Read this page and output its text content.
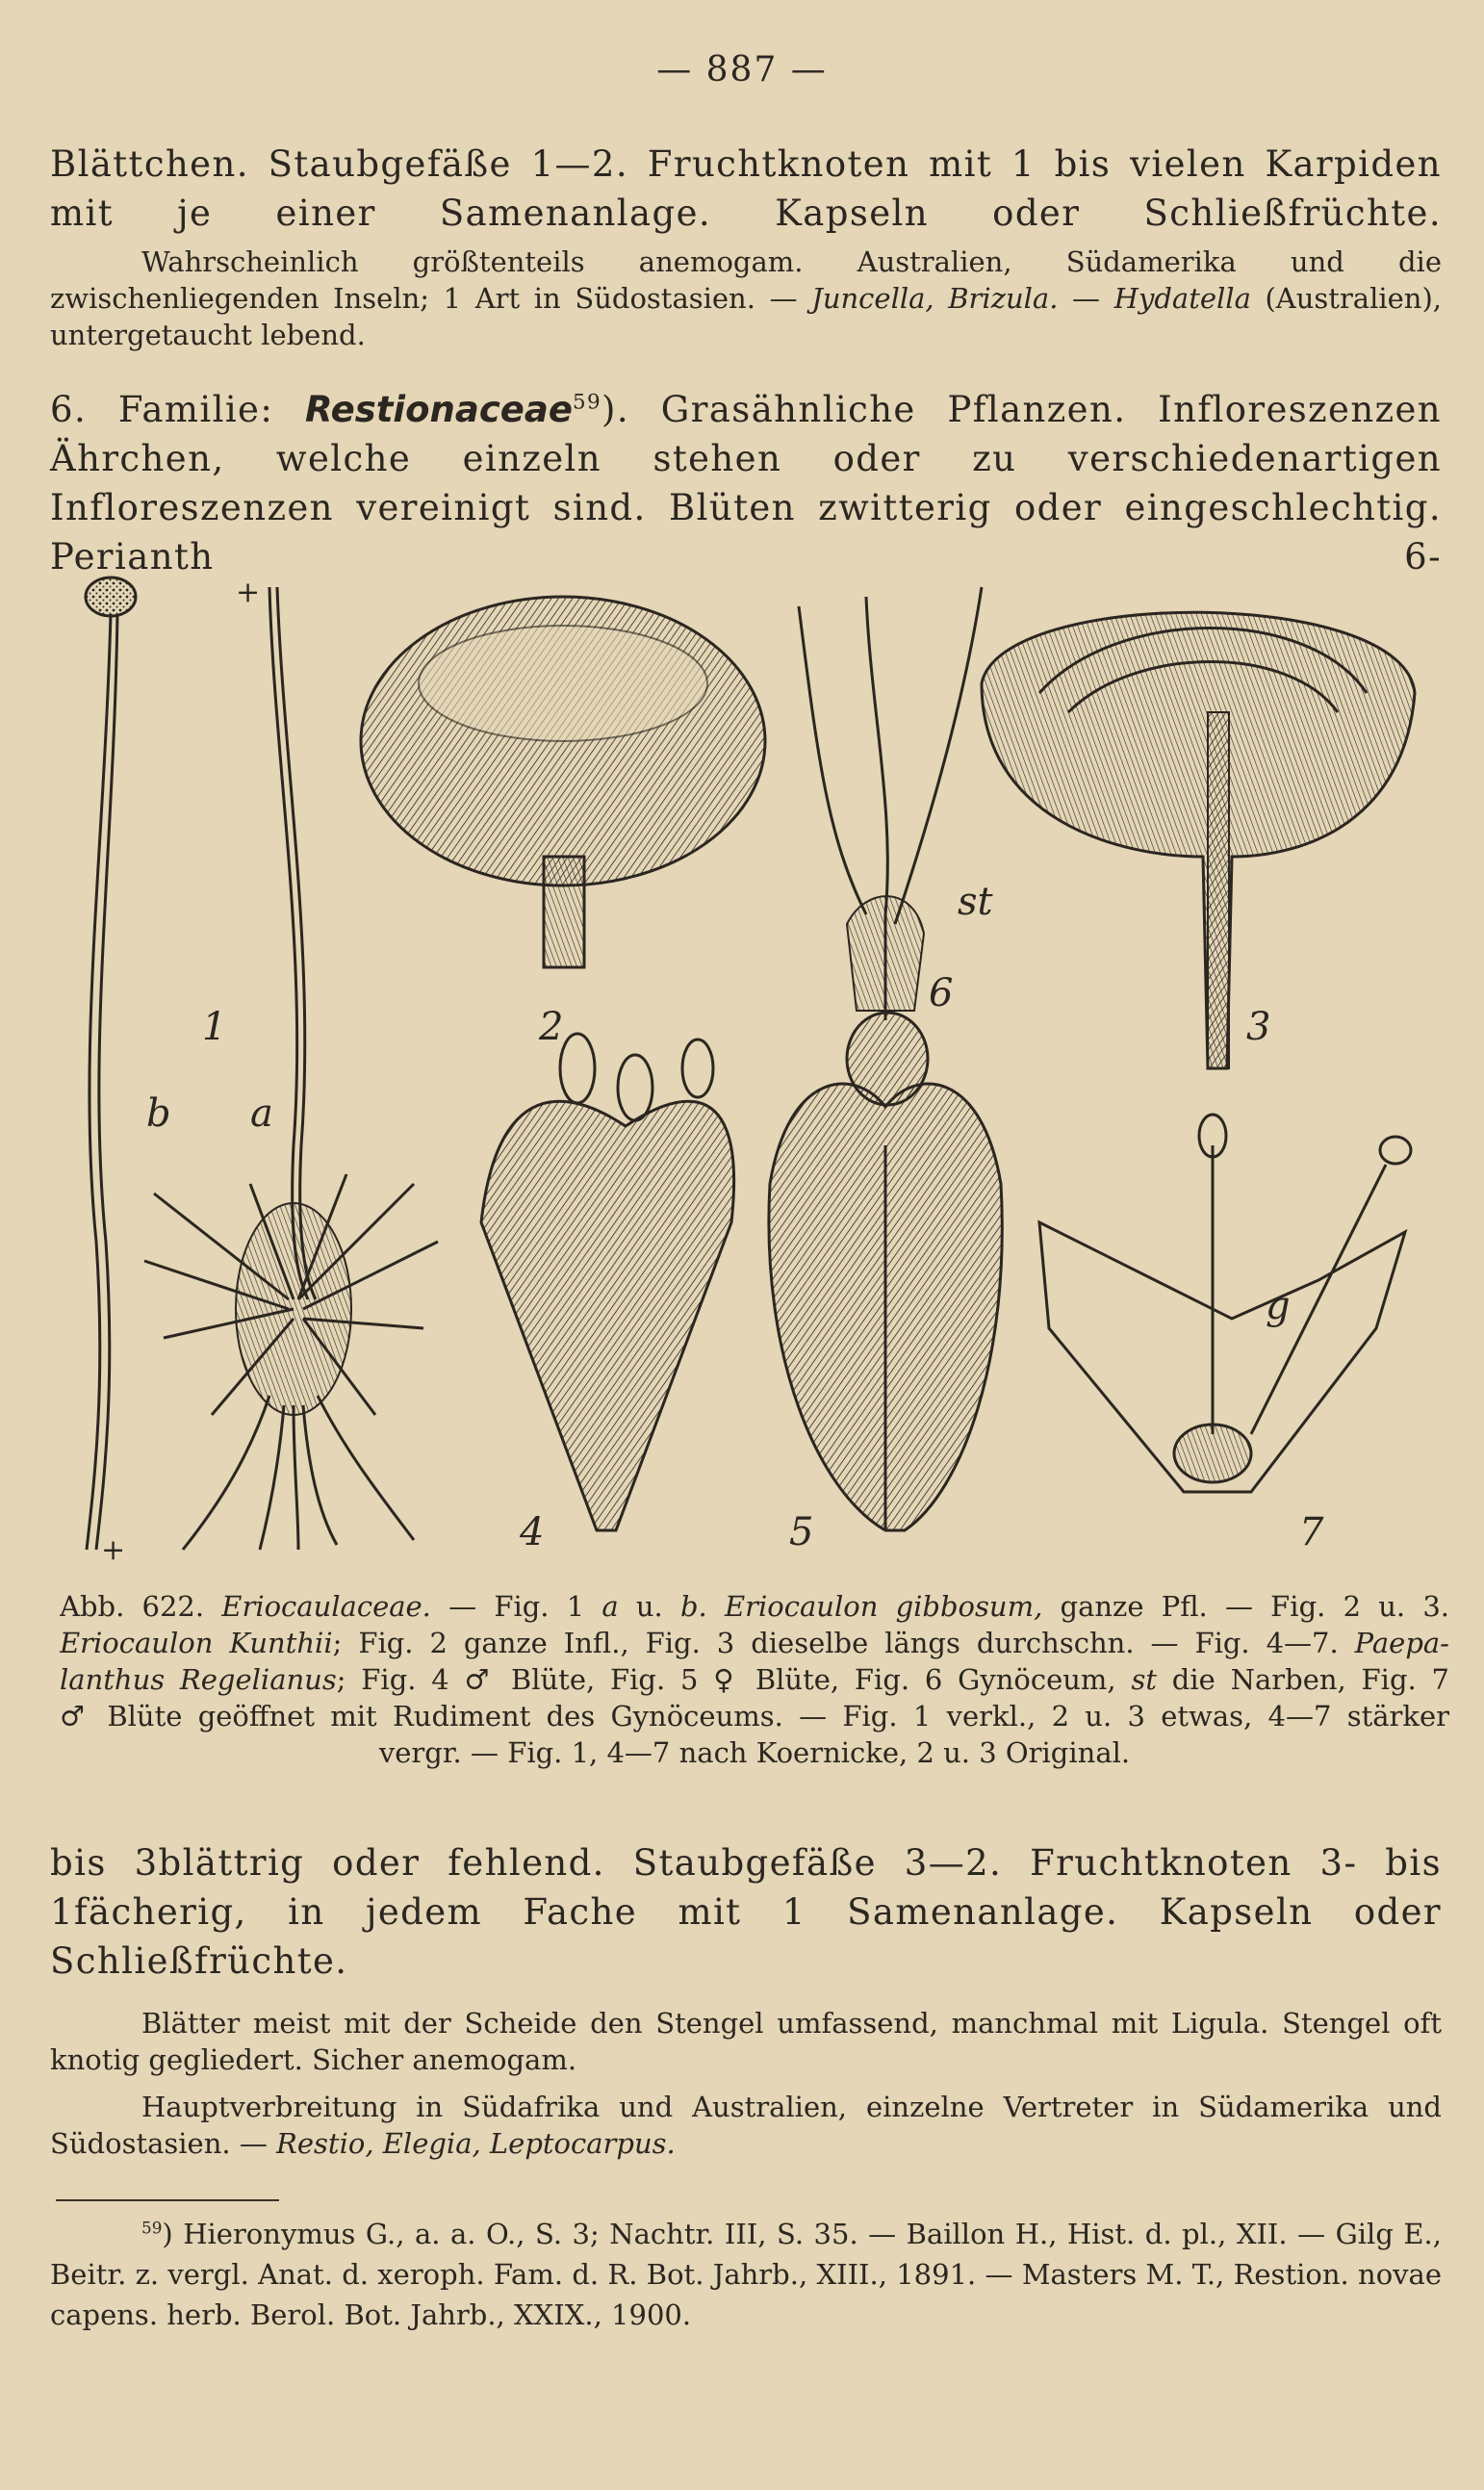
— 887 —
Blättchen. Staubgefäße 1—2. Fruchtknoten mit 1 bis vielen Karpiden mit je einer Samenanlage. Kapseln oder Schließfrüchte.
Wahrscheinlich größtenteils anemogam. Australien, Südamerika und die zwischenliegenden Inseln; 1 Art in Südostasien. — Juncella, Brizula. — Hydatella (Australien), untergetaucht lebend.
6. Familie: Restionaceae$^{59}$). Grasähnliche Pflanzen. Infloreszenzen Ährchen, welche einzeln stehen oder zu verschiedenartigen Infloreszenzen vereinigt sind. Blüten zwitterig oder eingeschlechtig. Perianth 6-
1	2	3
4	5
6
7
a
b
g
st
+
+
Abb. 622. Eriocaulaceae. — Fig. 1 a u. b. Eriocaulon gibbosum, ganze Pfl. — Fig. 2 u. 3.
Eriocaulon Kunthii; Fig. 2 ganze Infl., Fig. 3 dieselbe längs durchschn. — Fig. 4—7. Paepa-
lanthus Regelianus; Fig. 4 ♂ Blüte, Fig. 5 ♀ Blüte, Fig. 6 Gynöceum, st die Narben, Fig. 7
♂ Blüte geöffnet mit Rudiment des Gynöceums. — Fig. 1 verkl., 2 u. 3 etwas, 4—7 stärker
vergr. — Fig. 1, 4—7 nach Koernicke, 2 u. 3 Original.
bis 3blättrig oder fehlend. Staubgefäße 3—2. Fruchtknoten 3- bis 1fächerig, in jedem Fache mit 1 Samenanlage. Kapseln oder Schließfrüchte.
Blätter meist mit der Scheide den Stengel umfassend, manchmal mit Ligula. Stengel oft knotig gegliedert. Sicher anemogam.
Hauptverbreitung in Südafrika und Australien, einzelne Vertreter in Südamerika und Südostasien. — Restio, Elegia, Leptocarpus.
$^{59}$) Hieronymus G., a. a. O., S. 3; Nachtr. III, S. 35. — Baillon H., Hist. d. pl., XII. — Gilg E., Beitr. z. vergl. Anat. d. xeroph. Fam. d. R. Bot. Jahrb., XIII., 1891. — Masters M. T., Restion. novae capens. herb. Berol. Bot. Jahrb., XXIX., 1900.
